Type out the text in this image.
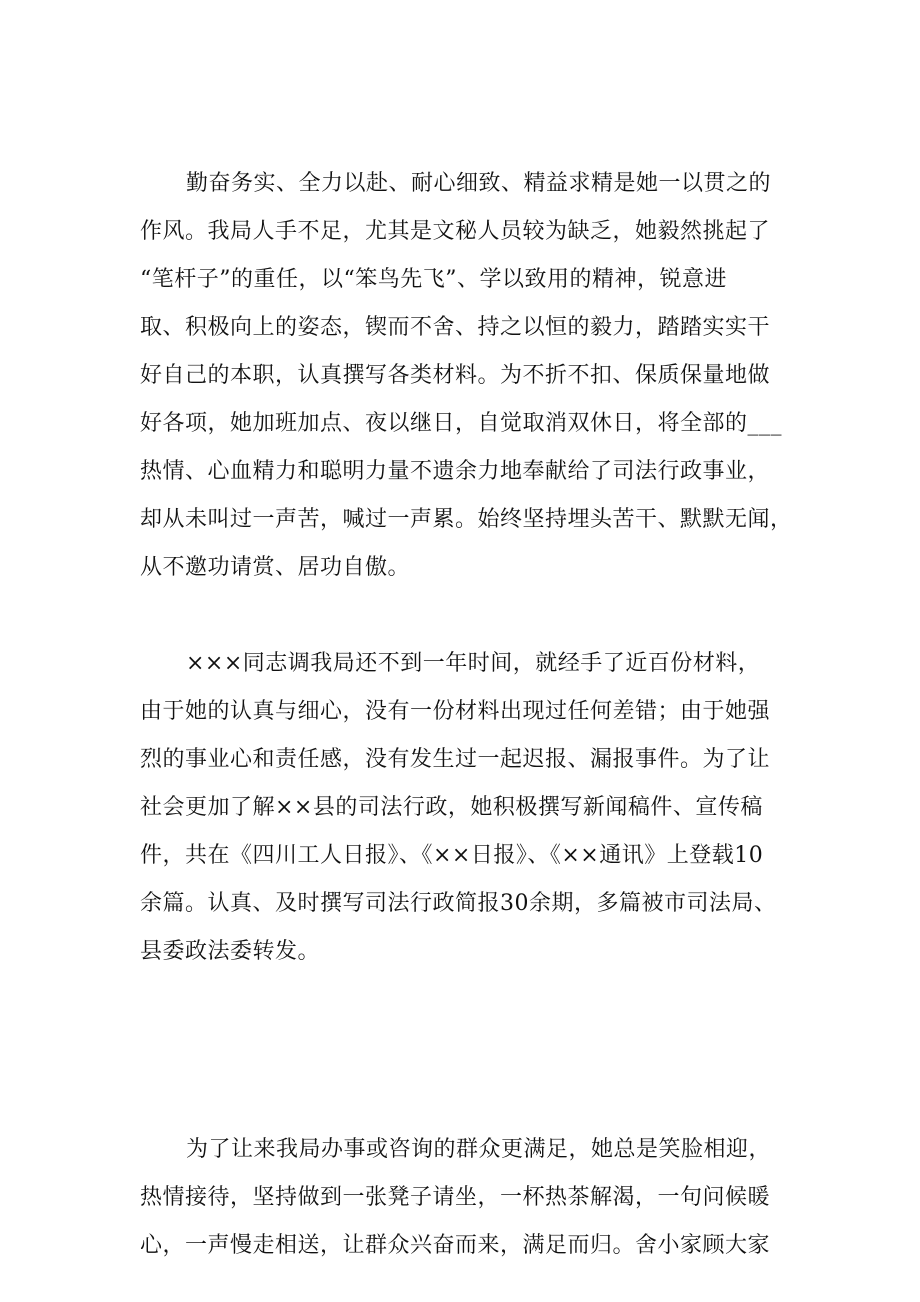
勤奋务实、全力以赴、耐心细致、精益求精是她一以贯之的
作风。我局人手不足，尤其是文秘人员较为缺乏，她毅然挑起了
“笔杆子”的重任，以“笨鸟先飞”、学以致用的精神，锐意进
取、积极向上的姿态，锲而不舍、持之以恒的毅力，踏踏实实干
好自己的本职，认真撰写各类材料。为不折不扣、保质保量地做
好各项，她加班加点、夜以继日，自觉取消双休日，将全部的___
热情、心血精力和聪明力量不遗余力地奉献给了司法行政事业，
却从未叫过一声苦，喊过一声累。始终坚持埋头苦干、默默无闻，
从不邀功请赏、居功自傲。
×××同志调我局还不到一年时间，就经手了近百份材料，
由于她的认真与细心，没有一份材料出现过任何差错；由于她强
烈的事业心和责任感，没有发生过一起迟报、漏报事件。为了让
社会更加了解××县的司法行政，她积极撰写新闻稿件、宣传稿
件，共在《四川工人日报》、《××日报》、《××通讯》上登载10
余篇。认真、及时撰写司法行政简报30余期，多篇被市司法局、
县委政法委转发。
为了让来我局办事或咨询的群众更满足，她总是笑脸相迎，
热情接待，坚持做到一张凳子请坐，一杯热茶解渴，一句问候暖
心，一声慢走相送，让群众兴奋而来，满足而归。舍小家顾大家
